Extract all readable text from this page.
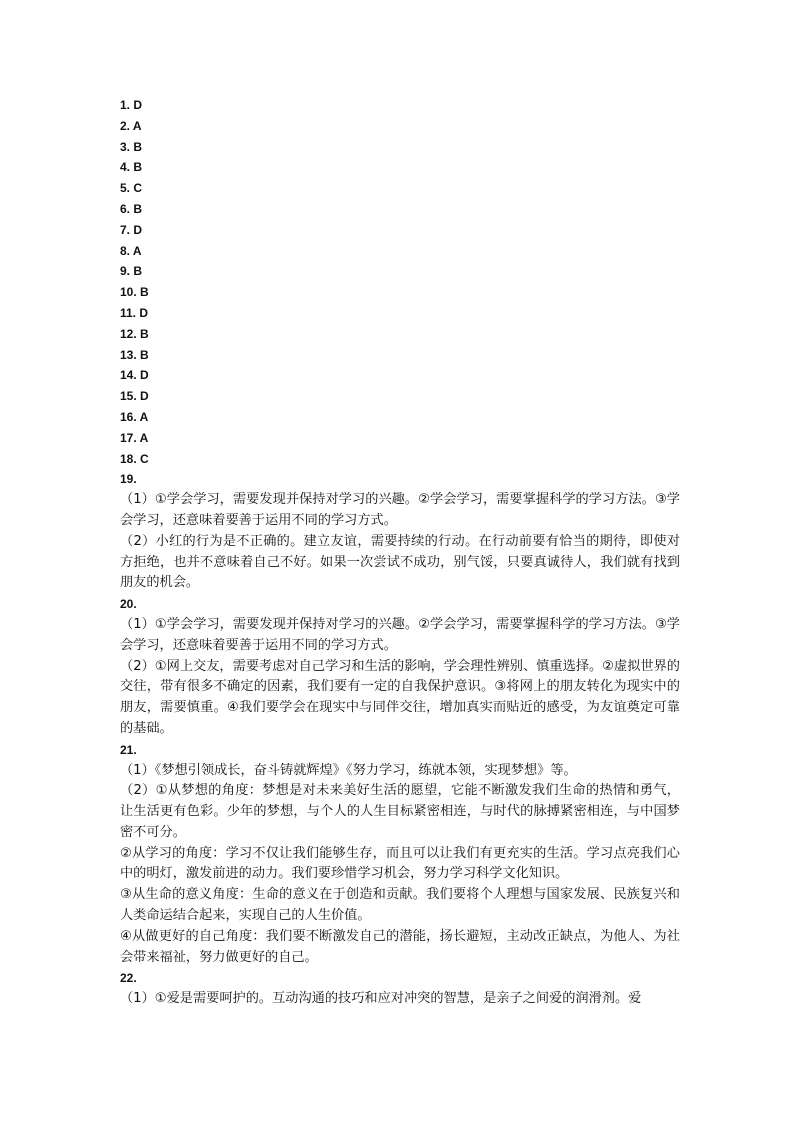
1. D
2. A
3. B
4. B
5. C
6. B
7. D
8. A
9. B
10. B
11. D
12. B
13. B
14. D
15. D
16. A
17. A
18. C
19.

（1）①学会学习，需要发现并保持对学习的兴趣。②学会学习，需要掌握科学的学习方法。③学会学习，还意味着要善于运用不同的学习方式。

（2）小红的行为是不正确的。建立友谊，需要持续的行动。在行动前要有恰当的期待，即使对方拒绝，也并不意味着自己不好。如果一次尝试不成功，别气馁，只要真诚待人，我们就有找到朋友的机会。

20.

（1）①学会学习，需要发现并保持对学习的兴趣。②学会学习，需要掌握科学的学习方法。③学会学习，还意味着要善于运用不同的学习方式。

（2）①网上交友，需要考虑对自己学习和生活的影响，学会理性辨别、慎重选择。②虚拟世界的交往，带有很多不确定的因素，我们要有一定的自我保护意识。③将网上的朋友转化为现实中的朋友，需要慎重。④我们要学会在现实中与同伴交往，增加真实而贴近的感受，为友谊奠定可靠的基础。

21.

（1）《梦想引领成长，奋斗铸就辉煌》《努力学习，练就本领，实现梦想》等。

（2）①从梦想的角度：梦想是对未来美好生活的愿望，它能不断激发我们生命的热情和勇气，让生活更有色彩。少年的梦想，与个人的人生目标紧密相连，与时代的脉搏紧密相连，与中国梦密不可分。

②从学习的角度：学习不仅让我们能够生存，而且可以让我们有更充实的生活。学习点亮我们心中的明灯，激发前进的动力。我们要珍惜学习机会，努力学习科学文化知识。

③从生命的意义角度：生命的意义在于创造和贡献。我们要将个人理想与国家发展、民族复兴和人类命运结合起来，实现自己的人生价值。

④从做更好的自己角度：我们要不断激发自己的潜能，扬长避短，主动改正缺点，为他人、为社会带来福祉，努力做更好的自己。

22.

（1）①爱是需要呵护的。互动沟通的技巧和应对冲突的智慧，是亲子之间爱的润滑剂。爱
